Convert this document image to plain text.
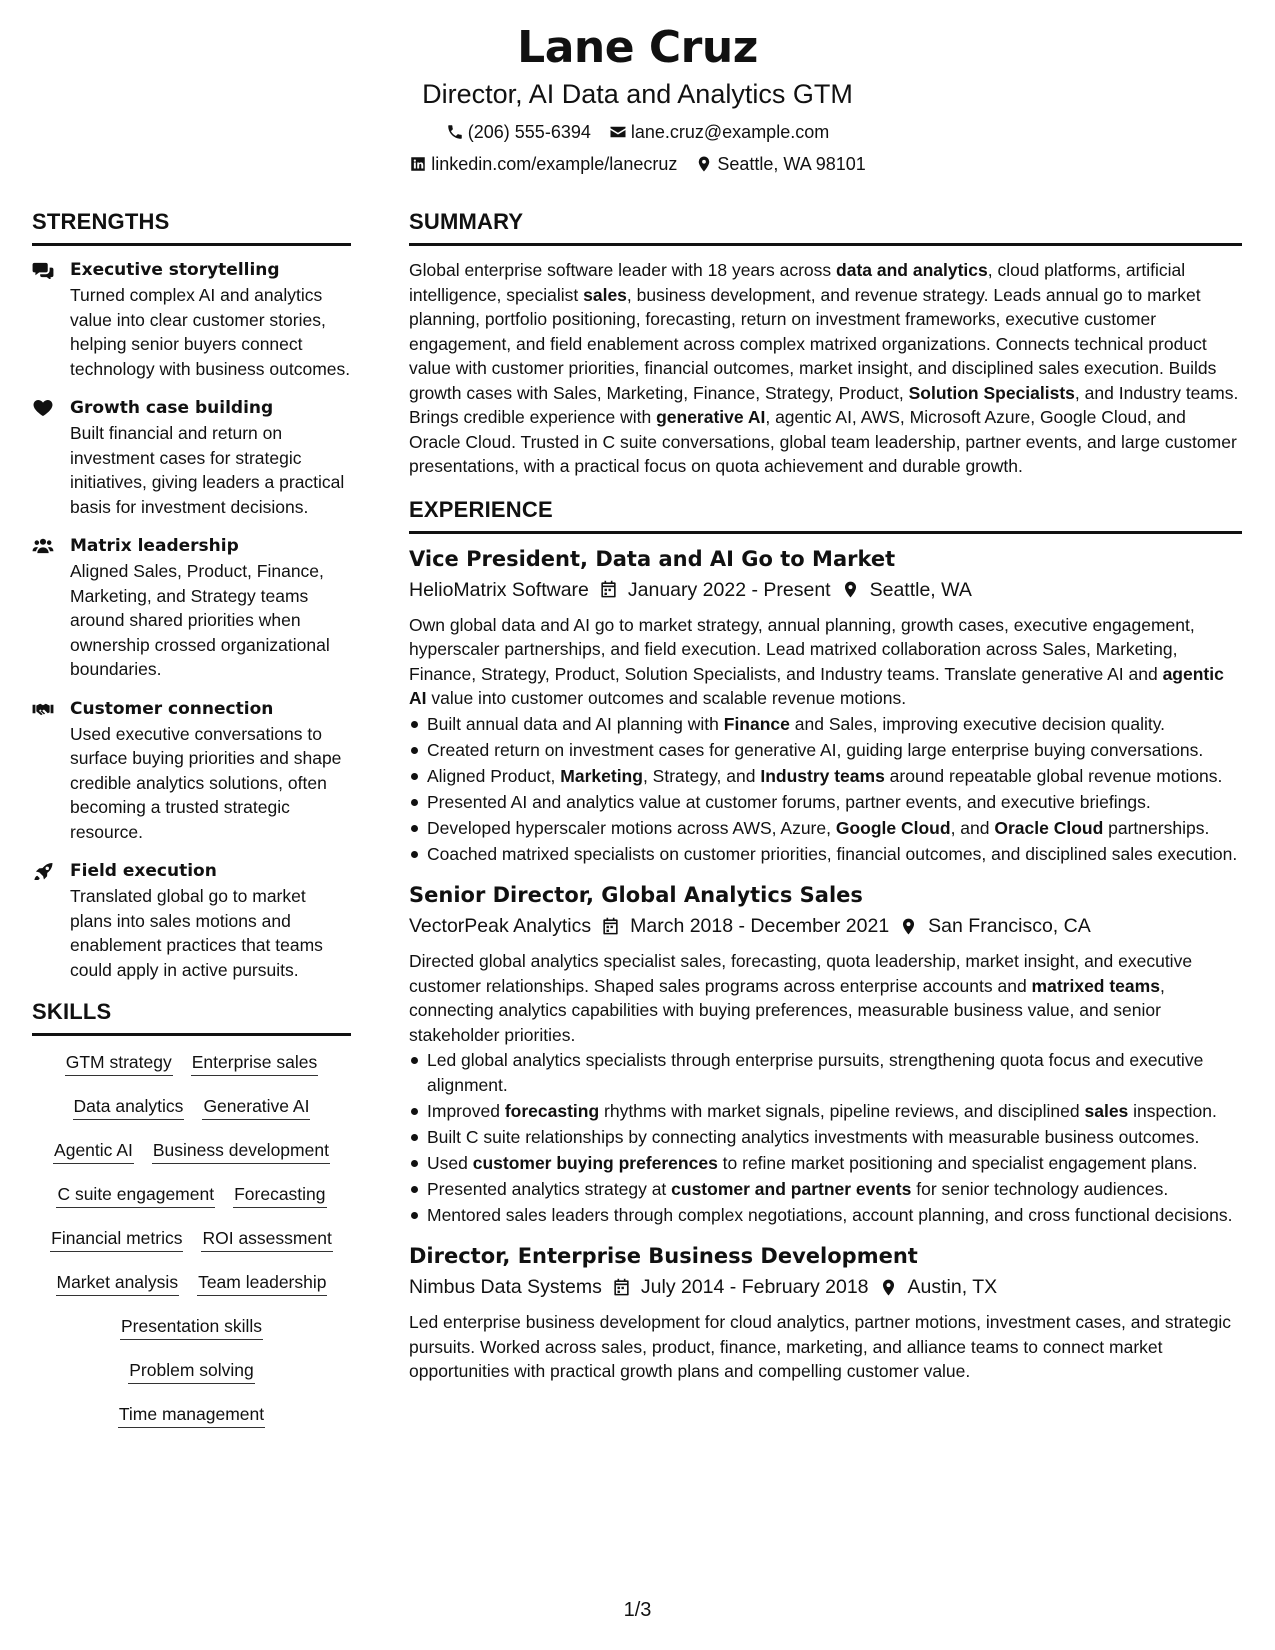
Lane Cruz
Director, AI Data and Analytics GTM
(206) 555-6394 lane.cruz@example.com
linkedin.com/example/lanecruz Seattle, WA 98101
STRENGTHS
Executive storytelling
Turned complex AI and analytics value into clear customer stories, helping senior buyers connect technology with business outcomes.
Growth case building
Built financial and return on investment cases for strategic initiatives, giving leaders a practical basis for investment decisions.
Matrix leadership
Aligned Sales, Product, Finance, Marketing, and Strategy teams around shared priorities when ownership crossed organizational boundaries.
Customer connection
Used executive conversations to surface buying priorities and shape credible analytics solutions, often becoming a trusted strategic resource.
Field execution
Translated global go to market plans into sales motions and enablement practices that teams could apply in active pursuits.
SKILLS
GTM strategy Enterprise sales
Data analytics Generative AI
Agentic AI Business development
C suite engagement Forecasting
Financial metrics ROI assessment
Market analysis Team leadership
Presentation skills
Problem solving
Time management
SUMMARY
Global enterprise software leader with 18 years across data and analytics, cloud platforms, artificial intelligence, specialist sales, business development, and revenue strategy. Leads annual go to market planning, portfolio positioning, forecasting, return on investment frameworks, executive customer engagement, and field enablement across complex matrixed organizations. Connects technical product value with customer priorities, financial outcomes, market insight, and disciplined sales execution. Builds growth cases with Sales, Marketing, Finance, Strategy, Product, Solution Specialists, and Industry teams. Brings credible experience with generative AI, agentic AI, AWS, Microsoft Azure, Google Cloud, and Oracle Cloud. Trusted in C suite conversations, global team leadership, partner events, and large customer presentations, with a practical focus on quota achievement and durable growth.
EXPERIENCE
Vice President, Data and AI Go to Market
HelioMatrix Software January 2022 - Present Seattle, WA
Own global data and AI go to market strategy, annual planning, growth cases, executive engagement, hyperscaler partnerships, and field execution. Lead matrixed collaboration across Sales, Marketing, Finance, Strategy, Product, Solution Specialists, and Industry teams. Translate generative AI and agentic AI value into customer outcomes and scalable revenue motions.
Built annual data and AI planning with Finance and Sales, improving executive decision quality.
Created return on investment cases for generative AI, guiding large enterprise buying conversations.
Aligned Product, Marketing, Strategy, and Industry teams around repeatable global revenue motions.
Presented AI and analytics value at customer forums, partner events, and executive briefings.
Developed hyperscaler motions across AWS, Azure, Google Cloud, and Oracle Cloud partnerships.
Coached matrixed specialists on customer priorities, financial outcomes, and disciplined sales execution.
Senior Director, Global Analytics Sales
VectorPeak Analytics March 2018 - December 2021 San Francisco, CA
Directed global analytics specialist sales, forecasting, quota leadership, market insight, and executive customer relationships. Shaped sales programs across enterprise accounts and matrixed teams, connecting analytics capabilities with buying preferences, measurable business value, and senior stakeholder priorities.
Led global analytics specialists through enterprise pursuits, strengthening quota focus and executive alignment.
Improved forecasting rhythms with market signals, pipeline reviews, and disciplined sales inspection.
Built C suite relationships by connecting analytics investments with measurable business outcomes.
Used customer buying preferences to refine market positioning and specialist engagement plans.
Presented analytics strategy at customer and partner events for senior technology audiences.
Mentored sales leaders through complex negotiations, account planning, and cross functional decisions.
Director, Enterprise Business Development
Nimbus Data Systems July 2014 - February 2018 Austin, TX
Led enterprise business development for cloud analytics, partner motions, investment cases, and strategic pursuits. Worked across sales, product, finance, marketing, and alliance teams to connect market opportunities with practical growth plans and compelling customer value.
1/3
